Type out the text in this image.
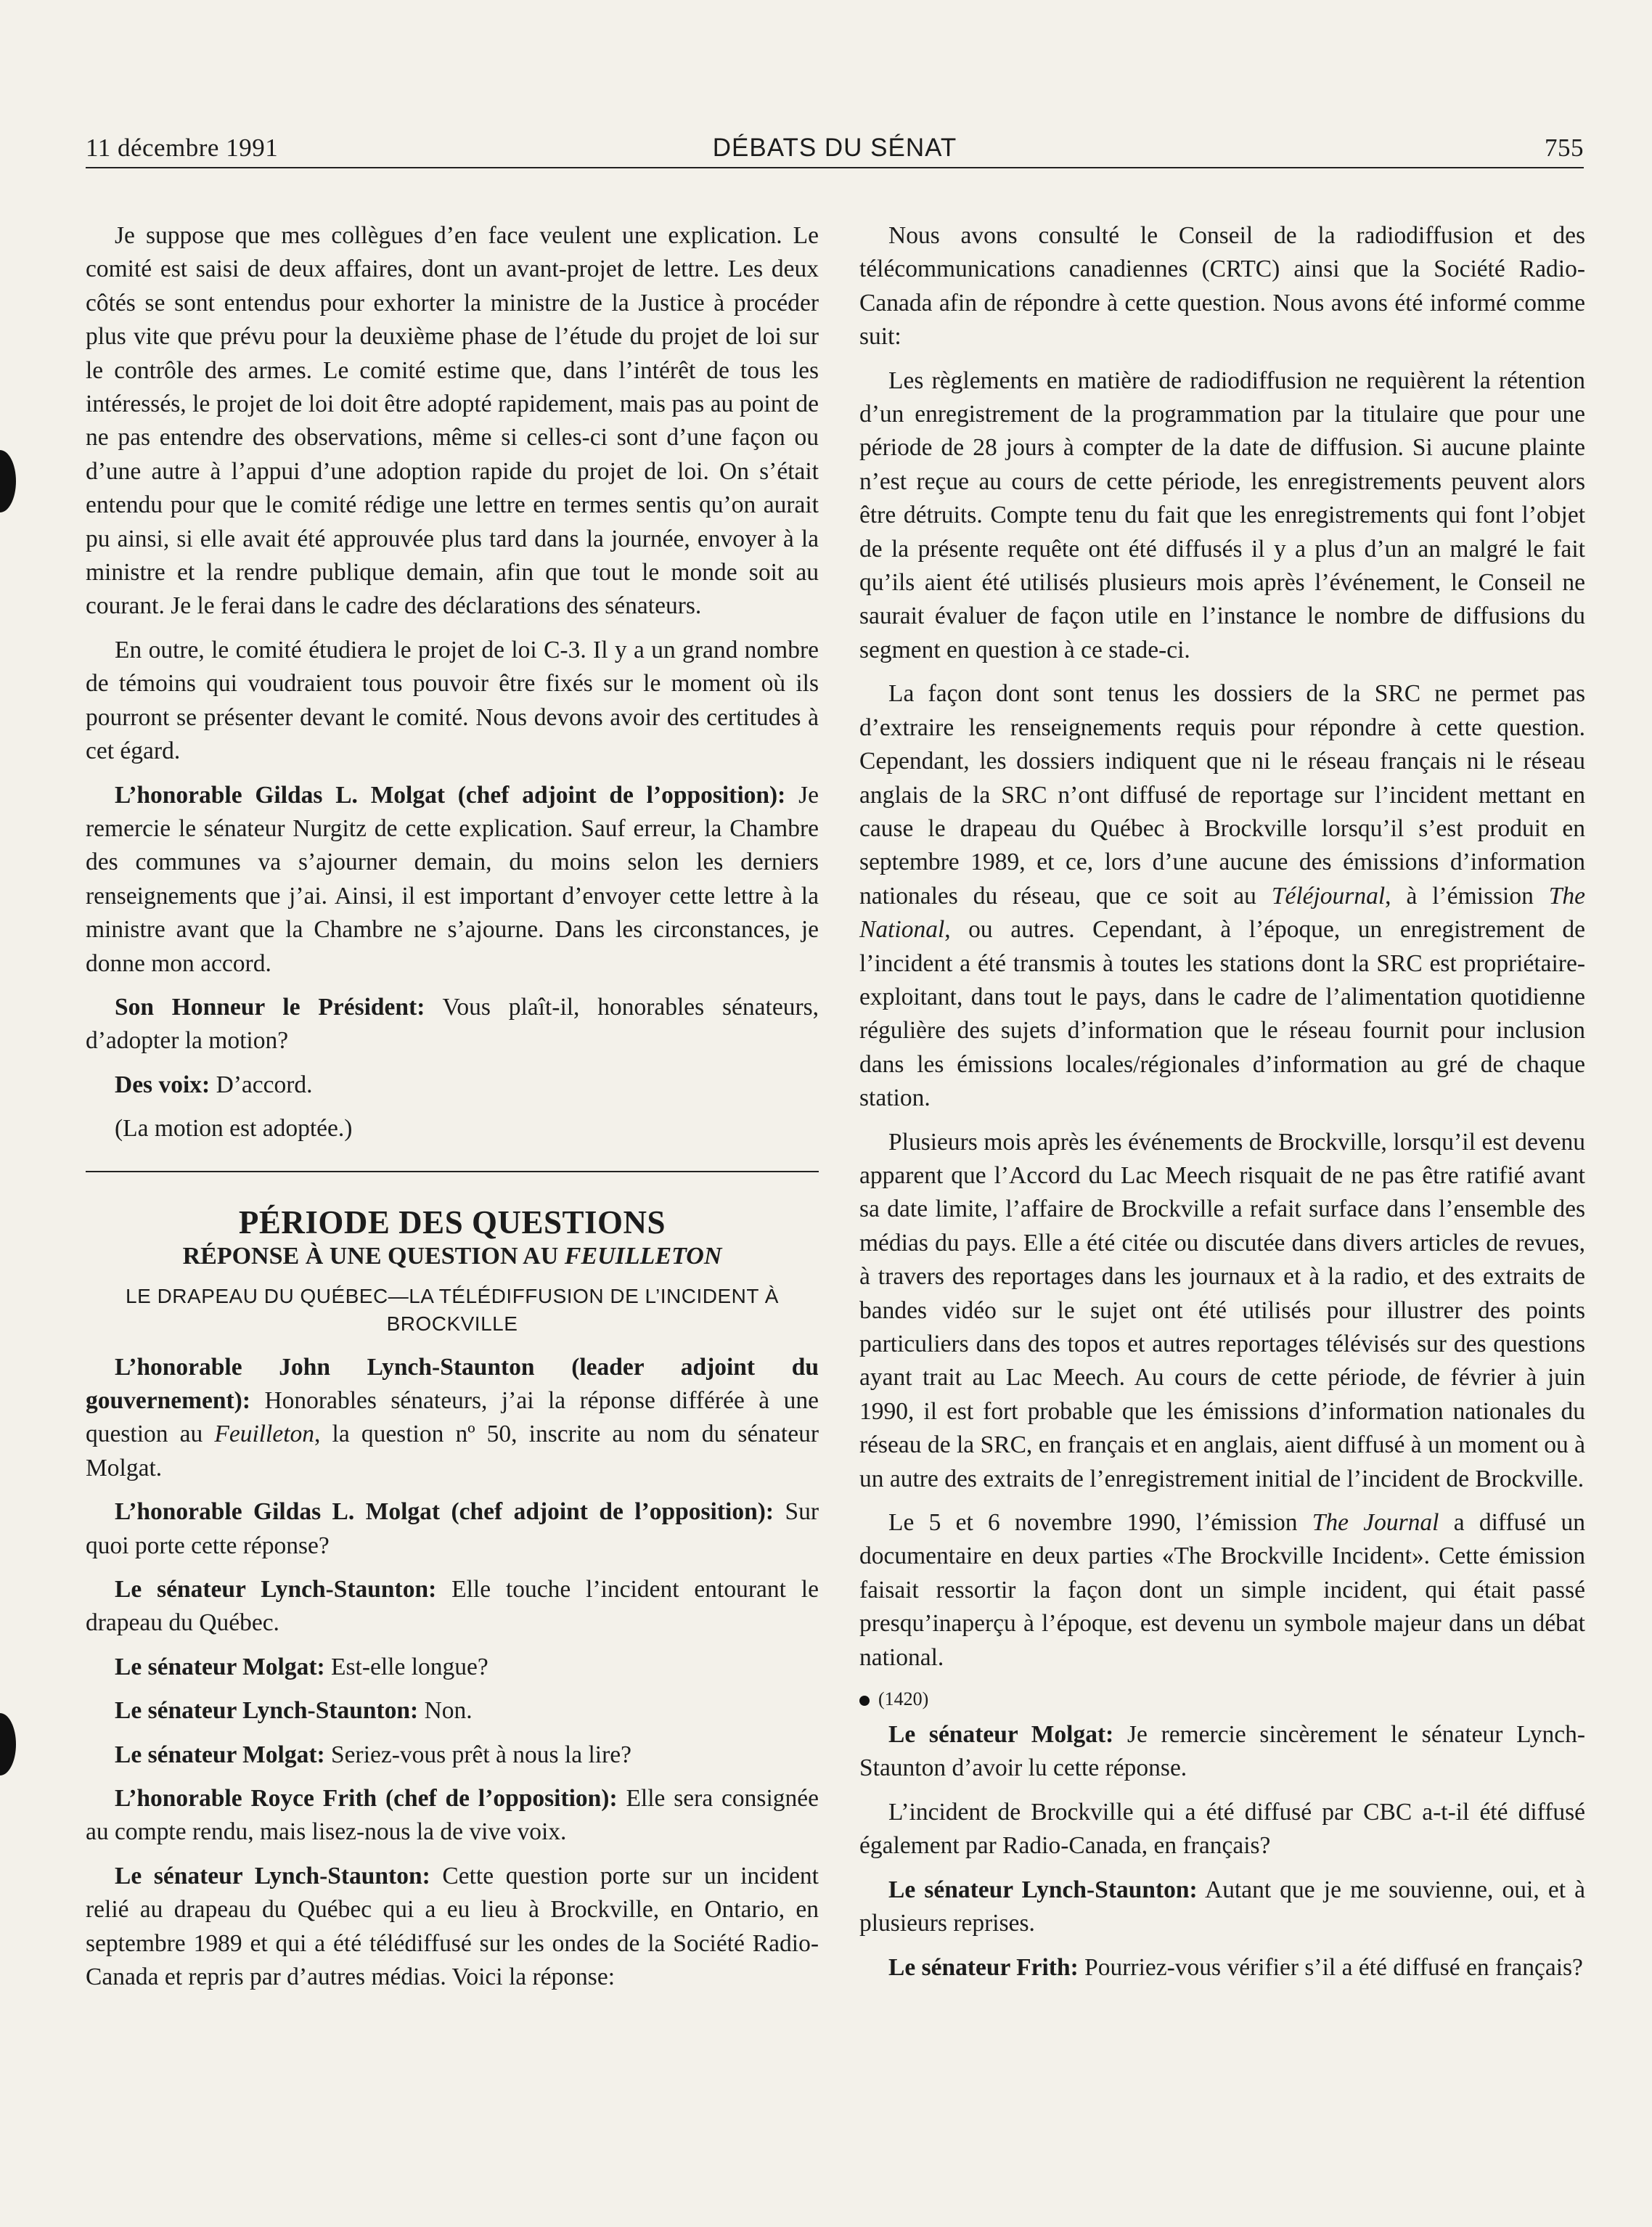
11 décembre 1991	DÉBATS DU SÉNAT	755

Je suppose que mes collègues d’en face veulent une explication. Le comité est saisi de deux affaires, dont un avant-projet de lettre. Les deux côtés se sont entendus pour exhorter la ministre de la Justice à procéder plus vite que prévu pour la deuxième phase de l’étude du projet de loi sur le contrôle des armes. Le comité estime que, dans l’intérêt de tous les intéressés, le projet de loi doit être adopté rapidement, mais pas au point de ne pas entendre des observations, même si celles-ci sont d’une façon ou d’une autre à l’appui d’une adoption rapide du projet de loi. On s’était entendu pour que le comité rédige une lettre en termes sentis qu’on aurait pu ainsi, si elle avait été approuvée plus tard dans la journée, envoyer à la ministre et la rendre publique demain, afin que tout le monde soit au courant. Je le ferai dans le cadre des déclarations des sénateurs.

En outre, le comité étudiera le projet de loi C-3. Il y a un grand nombre de témoins qui voudraient tous pouvoir être fixés sur le moment où ils pourront se présenter devant le comité. Nous devons avoir des certitudes à cet égard.

L’honorable Gildas L. Molgat (chef adjoint de l’opposition): Je remercie le sénateur Nurgitz de cette explication. Sauf erreur, la Chambre des communes va s’ajourner demain, du moins selon les derniers renseignements que j’ai. Ainsi, il est important d’envoyer cette lettre à la ministre avant que la Chambre ne s’ajourne. Dans les circonstances, je donne mon accord.

Son Honneur le Président: Vous plaît-il, honorables sénateurs, d’adopter la motion?

Des voix: D’accord.

(La motion est adoptée.)

PÉRIODE DES QUESTIONS
RÉPONSE À UNE QUESTION AU FEUILLETON
LE DRAPEAU DU QUÉBEC—LA TÉLÉDIFFUSION DE L’INCIDENT À BROCKVILLE

L’honorable John Lynch-Staunton (leader adjoint du gouvernement): Honorables sénateurs, j’ai la réponse différée à une question au Feuilleton, la question nº 50, inscrite au nom du sénateur Molgat.

L’honorable Gildas L. Molgat (chef adjoint de l’opposition): Sur quoi porte cette réponse?

Le sénateur Lynch-Staunton: Elle touche l’incident entourant le drapeau du Québec.

Le sénateur Molgat: Est-elle longue?

Le sénateur Lynch-Staunton: Non.

Le sénateur Molgat: Seriez-vous prêt à nous la lire?

L’honorable Royce Frith (chef de l’opposition): Elle sera consignée au compte rendu, mais lisez-nous la de vive voix.

Le sénateur Lynch-Staunton: Cette question porte sur un incident relié au drapeau du Québec qui a eu lieu à Brockville, en Ontario, en septembre 1989 et qui a été télédiffusé sur les ondes de la Société Radio-Canada et repris par d’autres médias. Voici la réponse:

Nous avons consulté le Conseil de la radiodiffusion et des télécommunications canadiennes (CRTC) ainsi que la Société Radio-Canada afin de répondre à cette question. Nous avons été informé comme suit:

Les règlements en matière de radiodiffusion ne requièrent la rétention d’un enregistrement de la programmation par la titulaire que pour une période de 28 jours à compter de la date de diffusion. Si aucune plainte n’est reçue au cours de cette période, les enregistrements peuvent alors être détruits. Compte tenu du fait que les enregistrements qui font l’objet de la présente requête ont été diffusés il y a plus d’un an malgré le fait qu’ils aient été utilisés plusieurs mois après l’événement, le Conseil ne saurait évaluer de façon utile en l’instance le nombre de diffusions du segment en question à ce stade-ci.

La façon dont sont tenus les dossiers de la SRC ne permet pas d’extraire les renseignements requis pour répondre à cette question. Cependant, les dossiers indiquent que ni le réseau français ni le réseau anglais de la SRC n’ont diffusé de reportage sur l’incident mettant en cause le drapeau du Québec à Brockville lorsqu’il s’est produit en septembre 1989, et ce, lors d’une aucune des émissions d’information nationales du réseau, que ce soit au Téléjournal, à l’émission The National, ou autres. Cependant, à l’époque, un enregistrement de l’incident a été transmis à toutes les stations dont la SRC est propriétaire-exploitant, dans tout le pays, dans le cadre de l’alimentation quotidienne régulière des sujets d’information que le réseau fournit pour inclusion dans les émissions locales/régionales d’information au gré de chaque station.

Plusieurs mois après les événements de Brockville, lorsqu’il est devenu apparent que l’Accord du Lac Meech risquait de ne pas être ratifié avant sa date limite, l’affaire de Brockville a refait surface dans l’ensemble des médias du pays. Elle a été citée ou discutée dans divers articles de revues, à travers des reportages dans les journaux et à la radio, et des extraits de bandes vidéo sur le sujet ont été utilisés pour illustrer des points particuliers dans des topos et autres reportages télévisés sur des questions ayant trait au Lac Meech. Au cours de cette période, de février à juin 1990, il est fort probable que les émissions d’information nationales du réseau de la SRC, en français et en anglais, aient diffusé à un moment ou à un autre des extraits de l’enregistrement initial de l’incident de Brockville.

Le 5 et 6 novembre 1990, l’émission The Journal a diffusé un documentaire en deux parties «The Brockville Incident». Cette émission faisait ressortir la façon dont un simple incident, qui était passé presqu’inaperçu à l’époque, est devenu un symbole majeur dans un débat national.

(1420)

Le sénateur Molgat: Je remercie sincèrement le sénateur Lynch-Staunton d’avoir lu cette réponse.

L’incident de Brockville qui a été diffusé par CBC a-t-il été diffusé également par Radio-Canada, en français?

Le sénateur Lynch-Staunton: Autant que je me souvienne, oui, et à plusieurs reprises.

Le sénateur Frith: Pourriez-vous vérifier s’il a été diffusé en français?
